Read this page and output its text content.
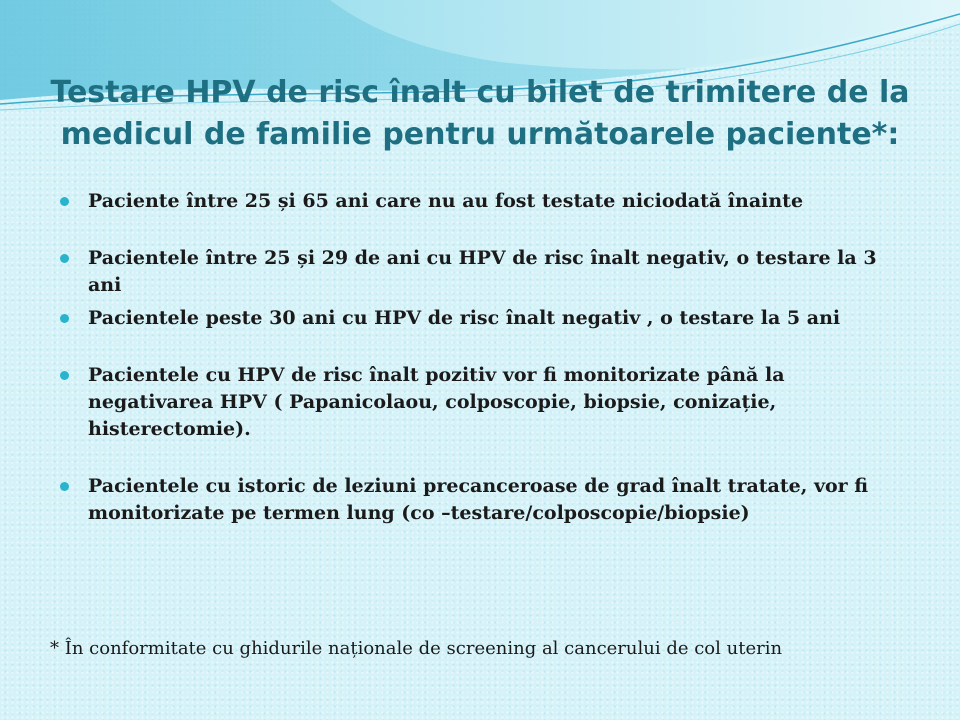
Testare HPV de risc înalt cu bilet de trimitere de la
medicul de familie pentru următoarele paciente*:
Paciente între 25 și 65 ani care nu au fost testate niciodată înainte
Pacientele între 25 și 29 de ani cu HPV de risc înalt negativ, o testare la 3 ani
Pacientele peste 30 ani cu HPV de risc înalt negativ , o testare la 5 ani
Pacientele cu HPV de risc înalt pozitiv vor fi monitorizate până la negativarea HPV ( Papanicolaou, colposcopie, biopsie, conizație, histerectomie).
Pacientele cu istoric de leziuni precanceroase de grad înalt tratate, vor fi monitorizate pe termen lung (co –testare/colposcopie/biopsie)

* În conformitate cu ghidurile naționale de screening al cancerului de col uterin
